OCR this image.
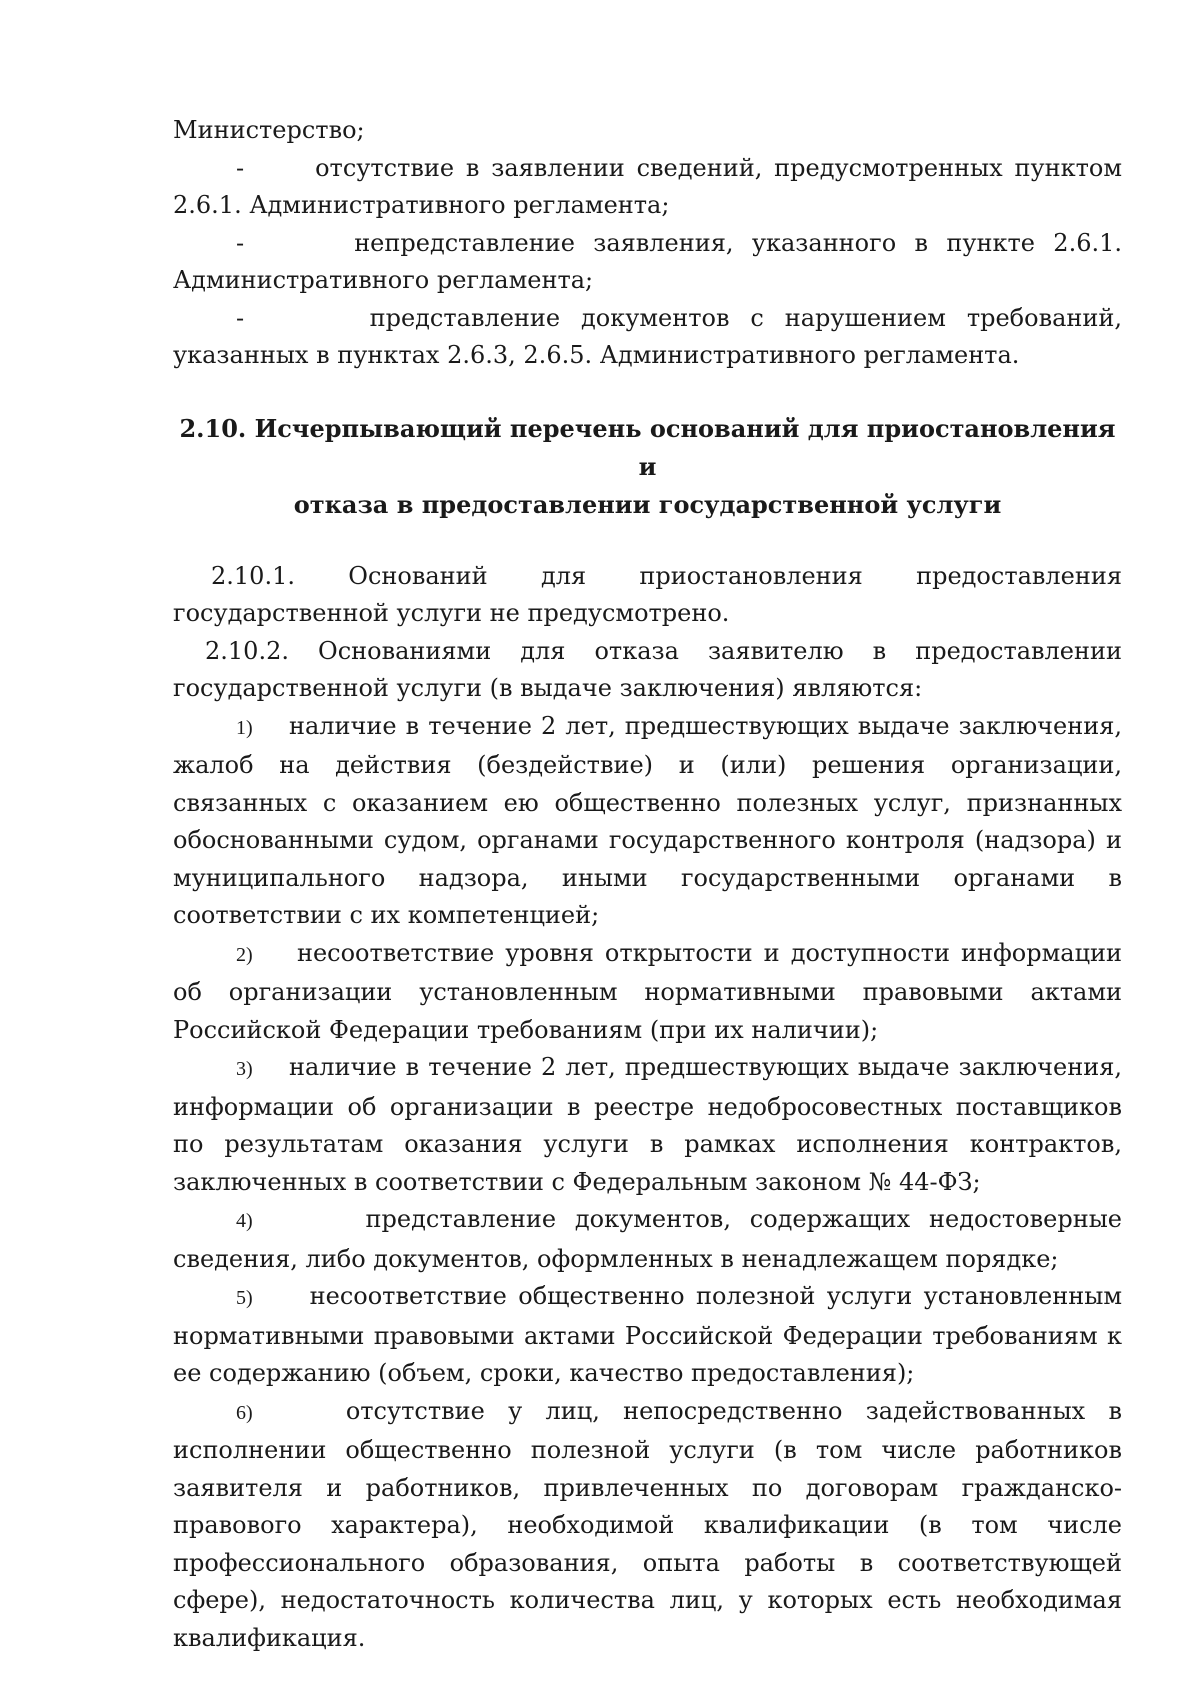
Министерство;

-	отсутствие в заявлении сведений, предусмотренных пунктом 2.6.1. Административного регламента;

-	непредставление заявления, указанного в пункте 2.6.1. Административного регламента;

-	представление документов с нарушением требований, указанных в пунктах 2.6.3, 2.6.5. Административного регламента.

2.10. Исчерпывающий перечень оснований для приостановления и
отказа в предоставлении государственной услуги

2.10.1. Оснований для приостановления предоставления государственной услуги не предусмотрено.

2.10.2. Основаниями для отказа заявителю в предоставлении государственной услуги (в выдаче заключения) являются:

1) наличие в течение 2 лет, предшествующих выдаче заключения, жалоб на действия (бездействие) и (или) решения организации, связанных с оказанием ею общественно полезных услуг, признанных обоснованными судом, органами государственного контроля (надзора) и муниципального надзора, иными государственными органами в соответствии с их компетенцией;

2) несоответствие уровня открытости и доступности информации об организации установленным нормативными правовыми актами Российской Федерации требованиям (при их наличии);

3) наличие в течение 2 лет, предшествующих выдаче заключения, информации об организации в реестре недобросовестных поставщиков по результатам оказания услуги в рамках исполнения контрактов, заключенных в соответствии с Федеральным законом № 44-ФЗ;

4)	представление документов, содержащих недостоверные сведения, либо документов, оформленных в ненадлежащем порядке;

5) несоответствие общественно полезной услуги установленным нормативными правовыми актами Российской Федерации требованиям к ее содержанию (объем, сроки, качество предоставления);

6)	отсутствие у лиц, непосредственно задействованных в исполнении общественно полезной услуги (в том числе работников заявителя и работников, привлеченных по договорам гражданско-правового характера), необходимой квалификации (в том числе профессионального образования, опыта работы в соответствующей сфере), недостаточность количества лиц, у которых есть необходимая квалификация.
